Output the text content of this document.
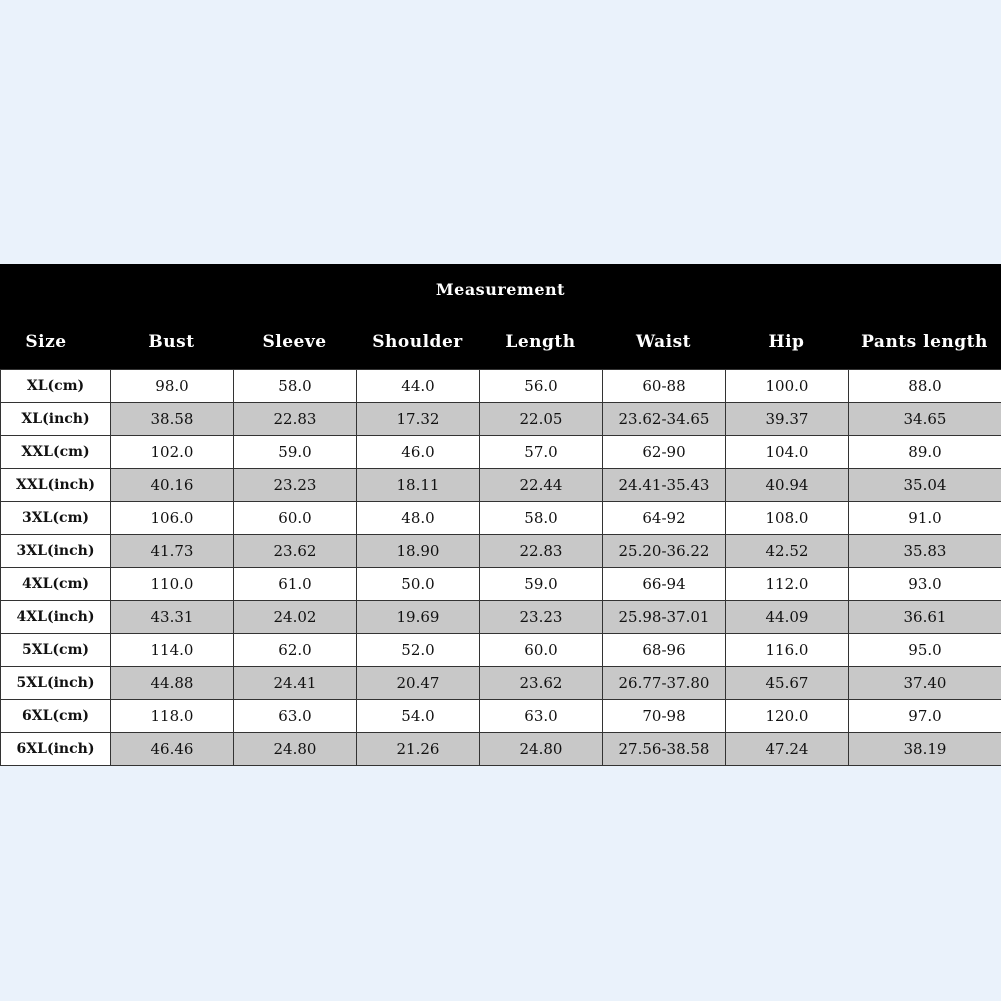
Measurement
Size	Bust	Sleeve	Shoulder	Length	Waist	Hip	Pants length
XL(cm)	98.0	58.0	44.0	56.0	60-88	100.0	88.0
XL(inch)	38.58	22.83	17.32	22.05	23.62-34.65	39.37	34.65
XXL(cm)	102.0	59.0	46.0	57.0	62-90	104.0	89.0
XXL(inch)	40.16	23.23	18.11	22.44	24.41-35.43	40.94	35.04
3XL(cm)	106.0	60.0	48.0	58.0	64-92	108.0	91.0
3XL(inch)	41.73	23.62	18.90	22.83	25.20-36.22	42.52	35.83
4XL(cm)	110.0	61.0	50.0	59.0	66-94	112.0	93.0
4XL(inch)	43.31	24.02	19.69	23.23	25.98-37.01	44.09	36.61
5XL(cm)	114.0	62.0	52.0	60.0	68-96	116.0	95.0
5XL(inch)	44.88	24.41	20.47	23.62	26.77-37.80	45.67	37.40
6XL(cm)	118.0	63.0	54.0	63.0	70-98	120.0	97.0
6XL(inch)	46.46	24.80	21.26	24.80	27.56-38.58	47.24	38.19
